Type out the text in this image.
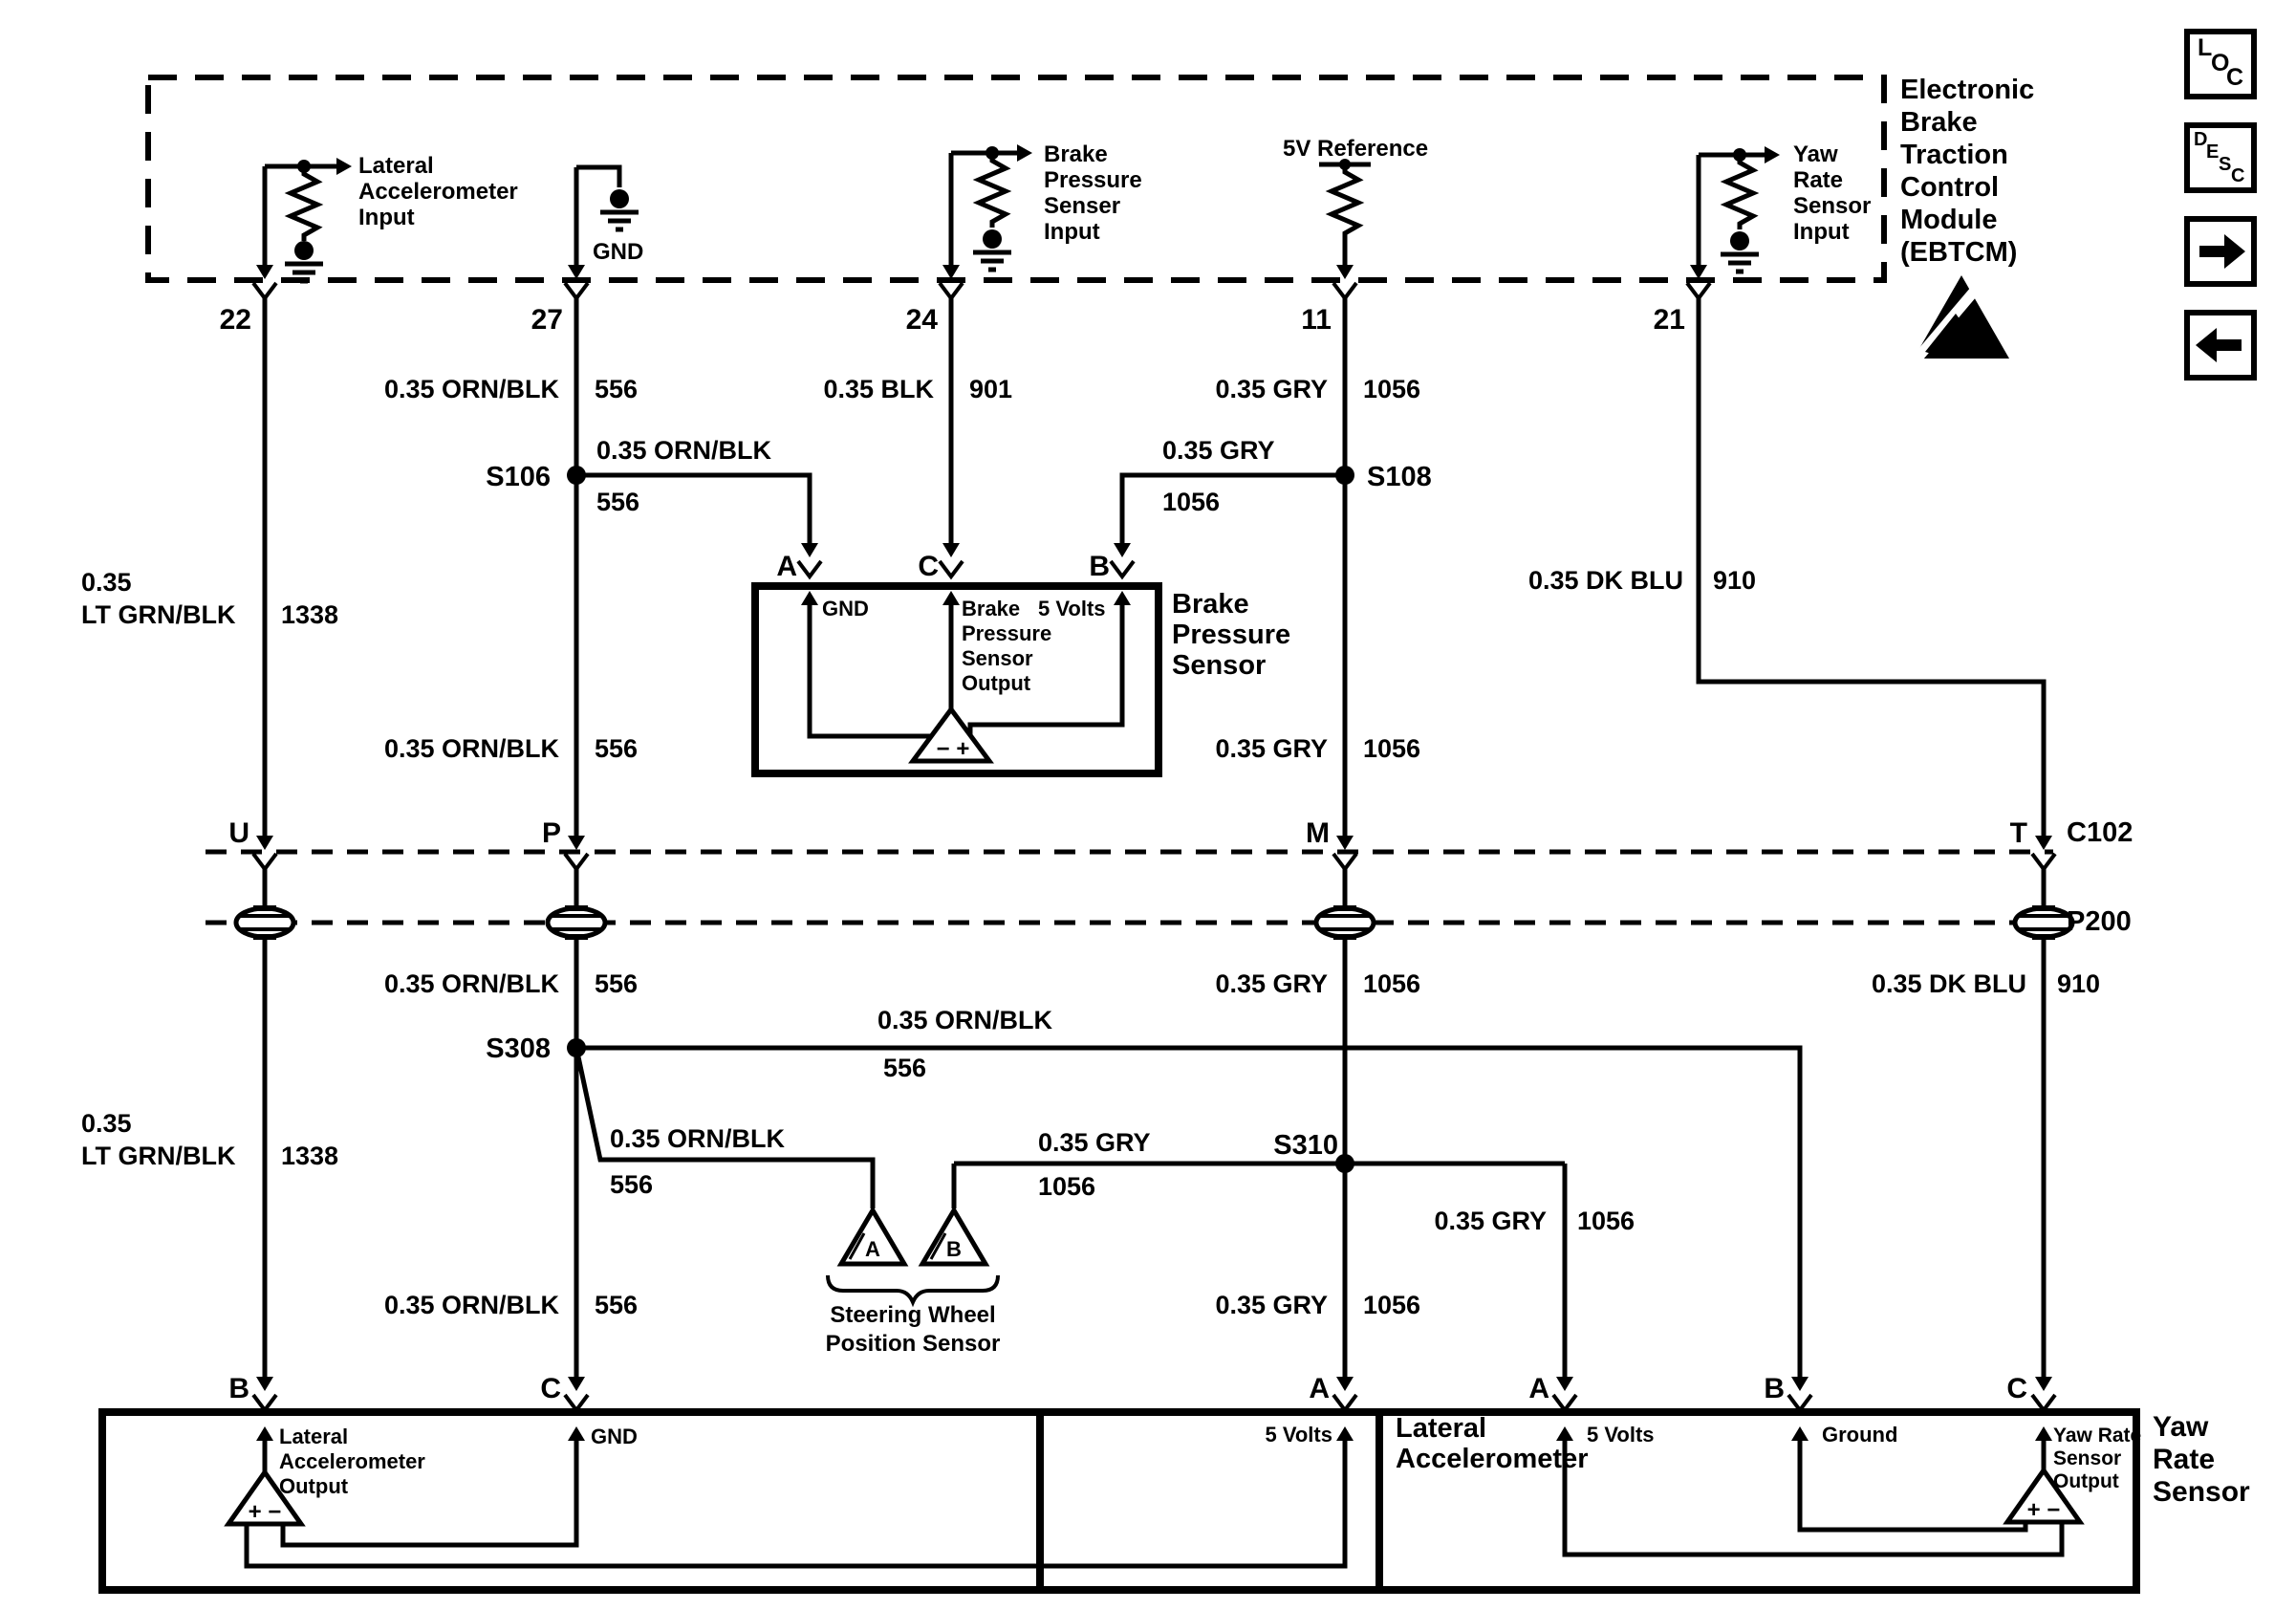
Electronic
Brake
Traction
Control
Module
(EBTCM)
Lateral
Accelerometer
Input
GND
Brake
Pressure
Senser
Input
5V Reference	Yaw
Rate
Sensor
Input
22	27	24	11	21
0.35 ORN/BLK 556	0.35 BLK 901	0.35 GRY 1056
S106
0.35 ORN/BLK
556
0.35 GRY
1056
S108
0.35 DK BLU 910
0.35
LT GRN/BLK 1338
A	C	B
GND	Brake
Pressure
Sensor
Output
5 Volts
− +
Brake
Pressure
Sensor
0.35 ORN/BLK 556	0.35 GRY 1056
U	P	M	T C102
P200
0.35 ORN/BLK 556	0.35 GRY 1056	0.35 DK BLU 910
S308
0.35 ORN/BLK
556
0.35 ORN/BLK
556
0.35 GRY
1056
S310
0.35 GRY 1056
0.35
LT GRN/BLK 1338
0.35 ORN/BLK 556	0.35 GRY 1056
A	B
Steering Wheel
Position Sensor
B	C	A	A	B	C
Lateral
Accelerometer
Output
GND	5 Volts
+ −
Lateral
Accelerometer
5 Volts	Ground	Yaw Rate
Sensor
Output
+ −
Yaw
Rate
Sensor
L
O
C
D
E
S
C
